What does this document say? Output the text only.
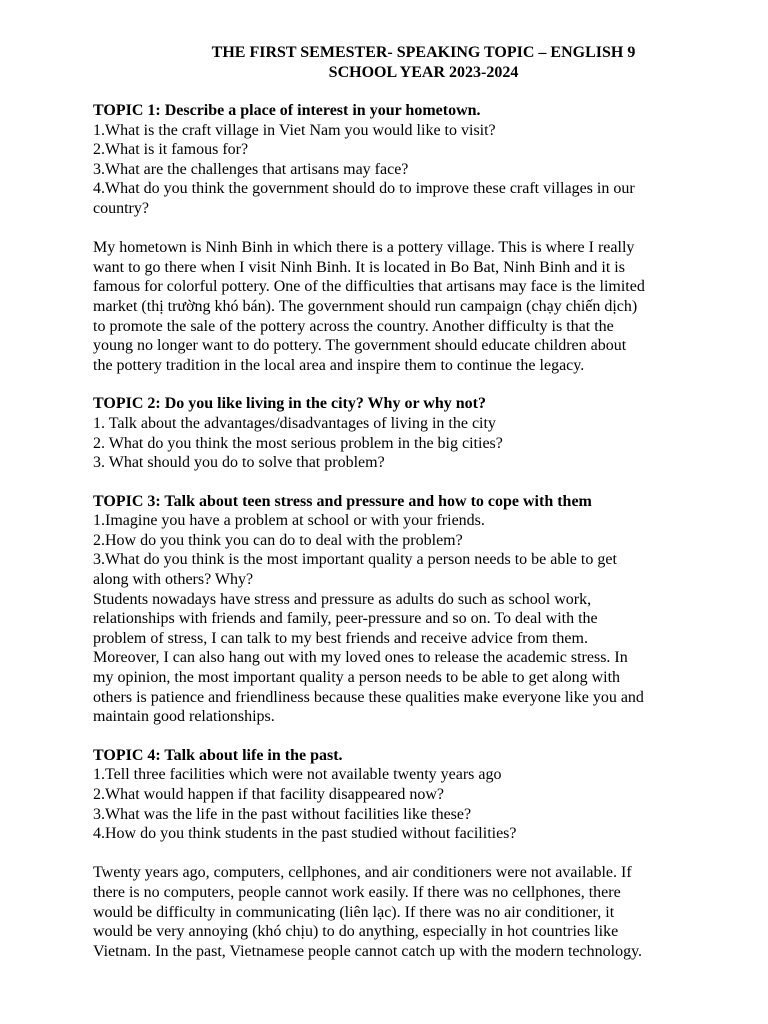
THE FIRST SEMESTER- SPEAKING TOPIC – ENGLISH 9
SCHOOL YEAR 2023-2024
TOPIC 1: Describe a place of interest in your hometown.
1.What is the craft village in Viet Nam you would like to visit?
2.What is it famous for?
3.What are the challenges that artisans may face?
4.What do you think the government should do to improve these craft villages in our
country?
My hometown is Ninh Binh in which there is a pottery village. This is where I really
want to go there when I visit Ninh Binh. It is located in Bo Bat, Ninh Binh and it is
famous for colorful pottery. One of the difficulties that artisans may face is the limited
market (thị trường khó bán). The government should run campaign (chạy chiến dịch)
to promote the sale of the pottery across the country. Another difficulty is that the
young no longer want to do pottery. The government should educate children about
the pottery tradition in the local area and inspire them to continue the legacy.
TOPIC 2: Do you like living in the city? Why or why not?
1. Talk about the advantages/disadvantages of living in the city
2. What do you think the most serious problem in the big cities?
3. What should you do to solve that problem?
TOPIC 3: Talk about teen stress and pressure and how to cope with them
1.Imagine you have a problem at school or with your friends.
2.How do you think you can do to deal with the problem?
3.What do you think is the most important quality a person needs to be able to get
along with others? Why?
Students nowadays have stress and pressure as adults do such as school work,
relationships with friends and family, peer-pressure and so on. To deal with the
problem of stress, I can talk to my best friends and receive advice from them.
Moreover, I can also hang out with my loved ones to release the academic stress. In
my opinion, the most important quality a person needs to be able to get along with
others is patience and friendliness because these qualities make everyone like you and
maintain good relationships.
TOPIC 4: Talk about life in the past.
1.Tell three facilities which were not available twenty years ago
2.What would happen if that facility disappeared now?
3.What was the life in the past without facilities like these?
4.How do you think students in the past studied without facilities?
Twenty years ago, computers, cellphones, and air conditioners were not available. If
there is no computers, people cannot work easily. If there was no cellphones, there
would be difficulty in communicating (liên lạc). If there was no air conditioner, it
would be very annoying (khó chịu) to do anything, especially in hot countries like
Vietnam. In the past, Vietnamese people cannot catch up with the modern technology.
